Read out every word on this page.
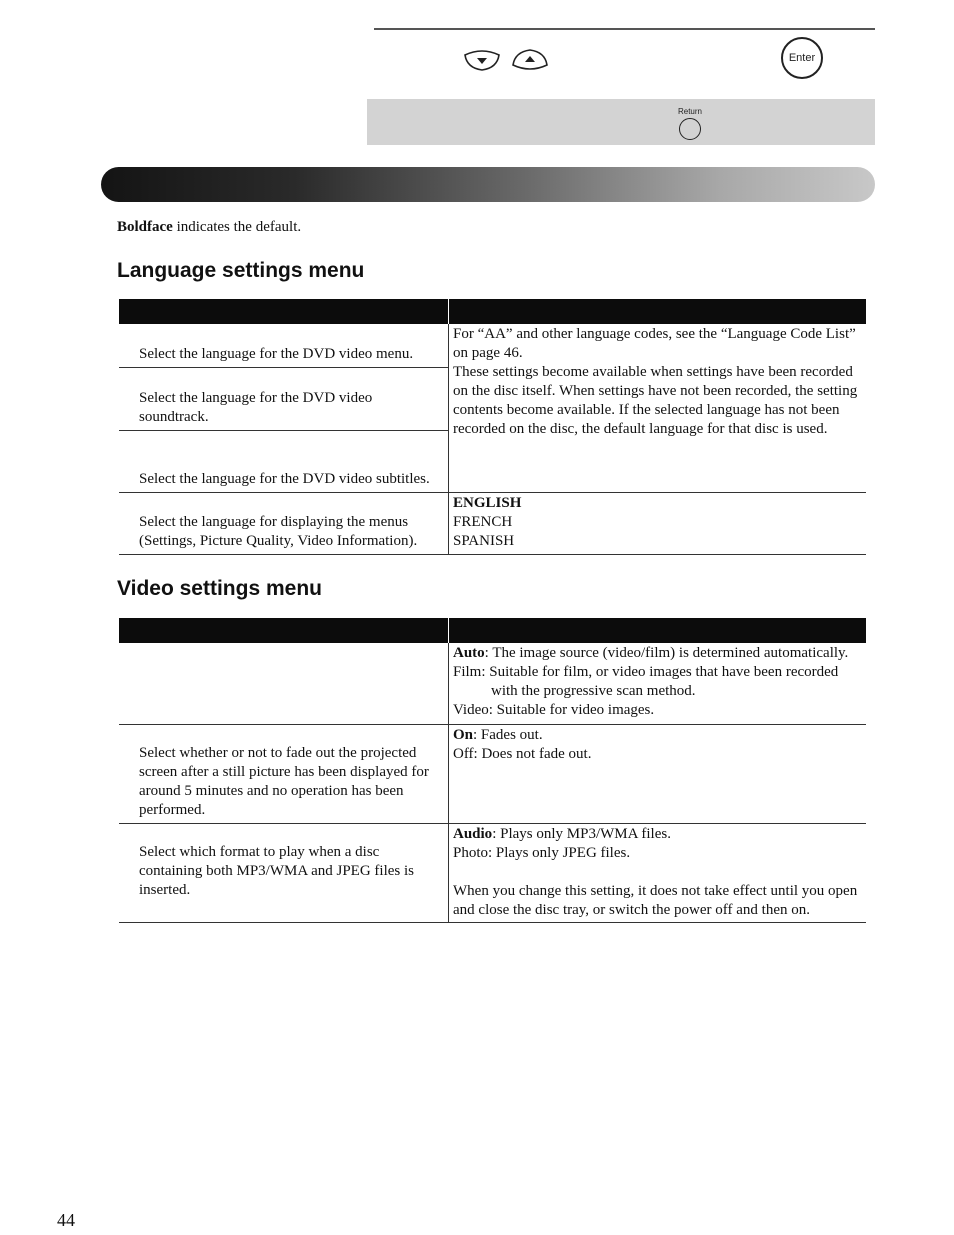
Enter
Return
Boldface indicates the default.
Language settings menu

Select the language for the DVD video menu.	For “AA” and other language codes, see the “Language Code List” on page 46.
These settings become available when settings have been recorded on the disc itself. When settings have not been recorded, the setting contents become available. If the selected language has not been recorded on the disc, the default language for that disc is used.

Select the language for the DVD video soundtrack.	
Select the language for the DVD video subtitles.	
Select the language for displaying the menus (Settings, Picture Quality, Video Information).	ENGLISH
FRENCH
SPANISH
Video settings menu

	Auto: The image source (video/film) is determined automatically.
Film: Suitable for film, or video images that have been recorded
with the progressive scan method.
Video: Suitable for video images.

Select whether or not to fade out the projected screen after a still picture has been displayed for around 5 minutes and no operation has been performed.	On: Fades out.
Off: Does not fade out.

Select which format to play when a disc containing both MP3/WMA and JPEG files is inserted.	Audio: Plays only MP3/WMA files.
Photo: Plays only JPEG files.
When you change this setting, it does not take effect until you open and close the disc tray, or switch the power off and then on.
44
